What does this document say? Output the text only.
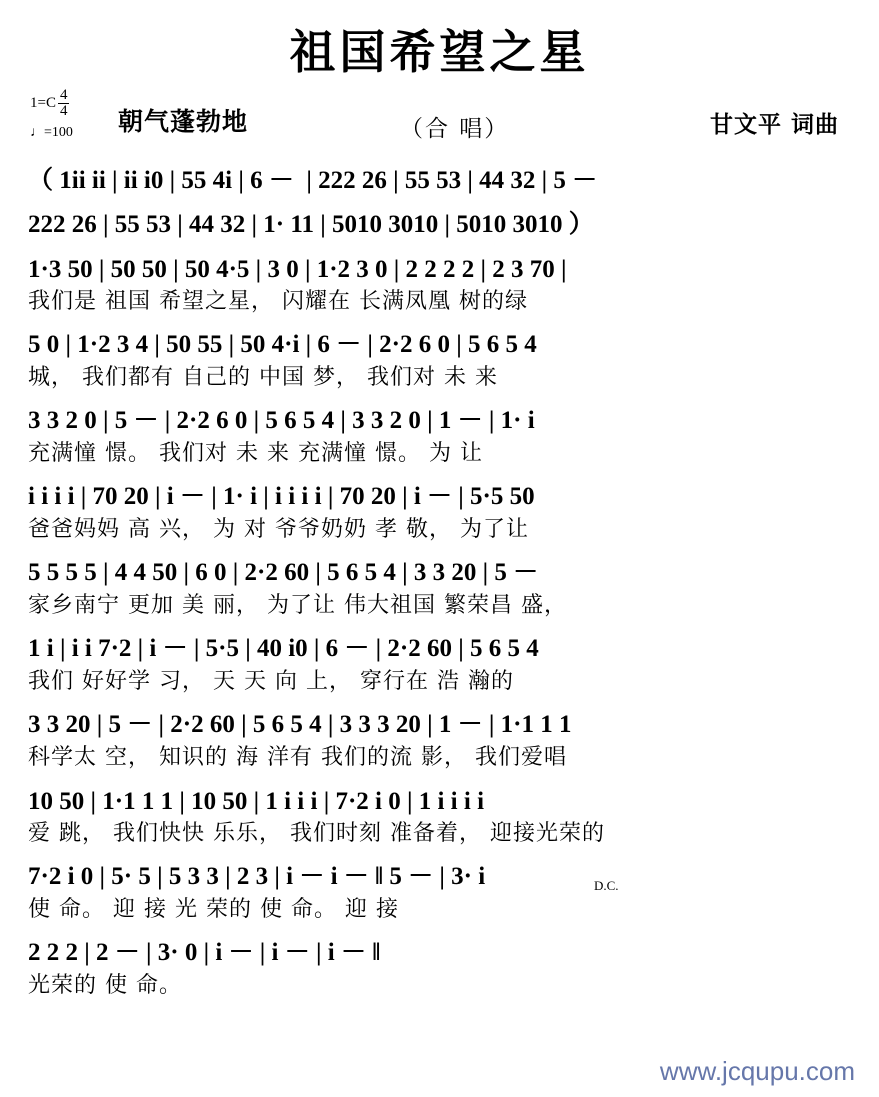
祖国希望之星
$1=C \frac{4}{4}$
♩=100 朝气蓬勃地	（合 唱）	甘文平 词曲
（ 1ii ii | ii i0 | 55 4i | 6 －  | 222 26 | 55 53 | 44 32 | 5 －
222 26 | 55 53 | 44 32 | 1· 11 | 5010 3010 | 5010 3010 ）
1·3 50 | 50 50 | 50 4·5 | 3 0 | 1·2 3 0 | 2 2 2 2 | 2 3 70 |
我们是 祖国 希望之星， 闪耀在 长满凤凰 树的绿
5 0 | 1·2 3 4 | 50 55 | 50 4·i | 6 － | 2·2 6 0 | 5 6 5 4
城， 我们都有 自己的 中国 梦， 我们对 未 来
3 3 2 0 | 5 － | 2·2 6 0 | 5 6 5 4 | 3 3 2 0 | 1 － | 1· i
充满憧 憬。 我们对 未 来 充满憧 憬。 为 让
i i i i | 70 20 | i － | 1· i | i i i i | 70 20 | i － | 5·5 50
爸爸妈妈 高 兴， 为 对 爷爷奶奶 孝 敬， 为了让
5 5 5 5 | 4 4 50 | 6 0 | 2·2 60 | 5 6 5 4 | 3 3 20 | 5 －
家乡南宁 更加 美 丽， 为了让 伟大祖国 繁荣昌 盛，
1 i | i i 7·2 | i － | 5·5 | 40 i0 | 6 － | 2·2 60 | 5 6 5 4
我们 好好学 习， 天 天 向 上， 穿行在 浩 瀚的
3 3 20 | 5 － | 2·2 60 | 5 6 5 4 | 3 3 3 20 | 1 － | 1·1 1 1
科学太 空， 知识的 海 洋有 我们的流 影， 我们爱唱
10 50 | 1·1 1 1 | 10 50 | 1 i i i | 7·2 i 0 | 1 i i i i
爱 跳， 我们快快 乐乐， 我们时刻 准备着， 迎接光荣的
7·2 i 0 | 5· 5 | 5 3 3 | 2 3 | i － i － ‖ 5 － | 3· i
使 命。 迎 接 光 荣的 使 命。 迎 接
D.C.
2 2 2 | 2 － | 3· 0 | i － | i － | i － ‖
光荣的 使 命。
www.jcqupu.com
